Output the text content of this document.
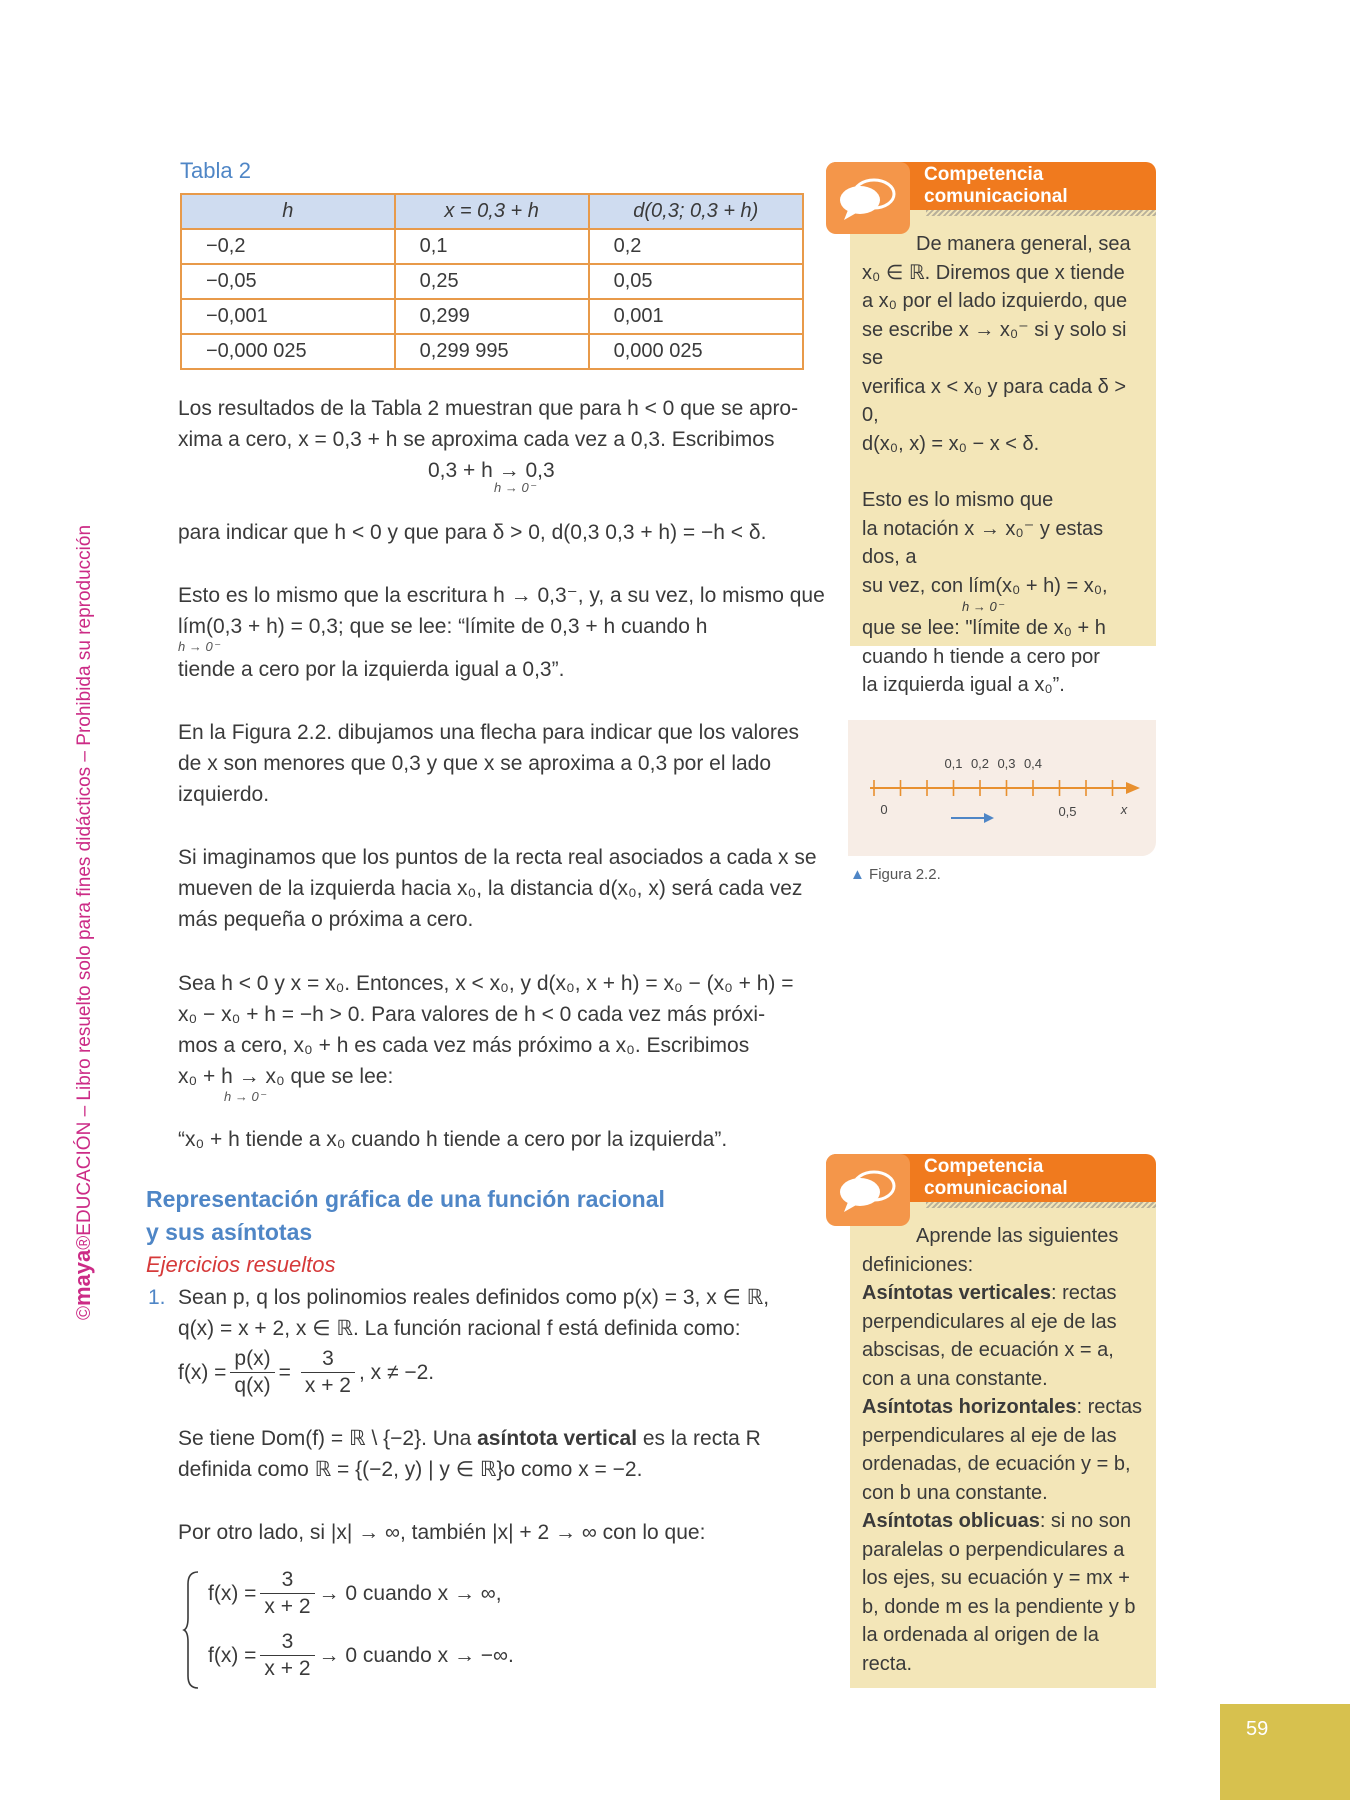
©maya®EDUCACIÓN – Libro resuelto solo para fines didácticos – Prohibida su reproducción
Tabla 2
h	x = 0,3 + h	d(0,3; 0,3 + h)
−0,2	0,1	0,2
−0,05	0,25	0,05
−0,001	0,299	0,001
−0,000 025	0,299 995	0,000 025
Los resultados de la Tabla 2 muestran que para h < 0 que se apro-
xima a cero, x = 0,3 + h se aproxima cada vez a 0,3. Escribimos
0,3 + h → 0,3
h → 0⁻
para indicar que h < 0 y que para δ > 0, d(0,3 0,3 + h) = −h < δ.
Esto es lo mismo que la escritura h → 0,3⁻, y, a su vez, lo mismo que
lím(0,3 + h) = 0,3; que se lee: “límite de 0,3 + h cuando h
h → 0⁻
tiende a cero por la izquierda igual a 0,3”.
En la Figura 2.2. dibujamos una flecha para indicar que los valores
de x son menores que 0,3 y que x se aproxima a 0,3 por el lado
izquierdo.
Si imaginamos que los puntos de la recta real asociados a cada x se
mueven de la izquierda hacia x₀, la distancia d(x₀, x) será cada vez
más pequeña o próxima a cero.
Sea h < 0 y x = x₀. Entonces, x < x₀, y d(x₀, x + h) = x₀ − (x₀ + h) =
x₀ − x₀ + h = −h > 0. Para valores de h < 0 cada vez más próxi-
mos a cero, x₀ + h es cada vez más próximo a x₀. Escribimos
x₀ + h → x₀ que se lee:
h → 0⁻
“x₀ + h tiende a x₀ cuando h tiende a cero por la izquierda”.
Representación gráfica de una función racional
y sus asíntotas
Ejercicios resueltos
1. Sean p, q los polinomios reales definidos como p(x) = 3, x ∈ ℝ,
q(x) = x + 2, x ∈ ℝ. La función racional f está definida como:
$f(x) = \frac{p(x)}{q(x)} = \frac{3}{x + 2}$ , x ≠ −2.
Se tiene Dom(f) = ℝ \ {−2}. Una asíntota vertical es la recta R
definida como ℝ = {(−2, y) | y ∈ ℝ}o como x = −2.
Por otro lado, si |x| → ∞, también |x| + 2 → ∞ con lo que:
$f(x) = \frac{3}{x + 2} \to 0$ cuando x → ∞,
$f(x) = \frac{3}{x + 2} \to 0$ cuando x → −∞.
De manera general, sea
x₀ ∈ ℝ. Diremos que x tiende
a x₀ por el lado izquierdo, que
se escribe x → x₀⁻ si y solo si se
verifica x < x₀ y para cada δ > 0,
d(x₀, x) = x₀ − x < δ.
Esto es lo mismo que
la notación x → x₀⁻ y estas dos, a
su vez, con lím(x₀ + h) = x₀,
h → 0⁻
que se lee: "límite de x₀ + h
cuando h tiende a cero por
la izquierda igual a x₀”.
Competencia
comunicacional
0,1 0,2 0,3 0,4
0	0,5	x
▲ Figura 2.2.
Aprende las siguientes
definiciones:
Asíntotas verticales: rectas perpendiculares al eje de las abscisas, de ecuación x = a, con a una constante.
Asíntotas horizontales: rectas perpendiculares al eje de las ordenadas, de ecuación y = b, con b una constante.
Asíntotas oblicuas: si no son paralelas o perpendiculares a los ejes, su ecuación y = mx + b, donde m es la pendiente y b la ordenada al origen de la recta.
Competencia
comunicacional
59
